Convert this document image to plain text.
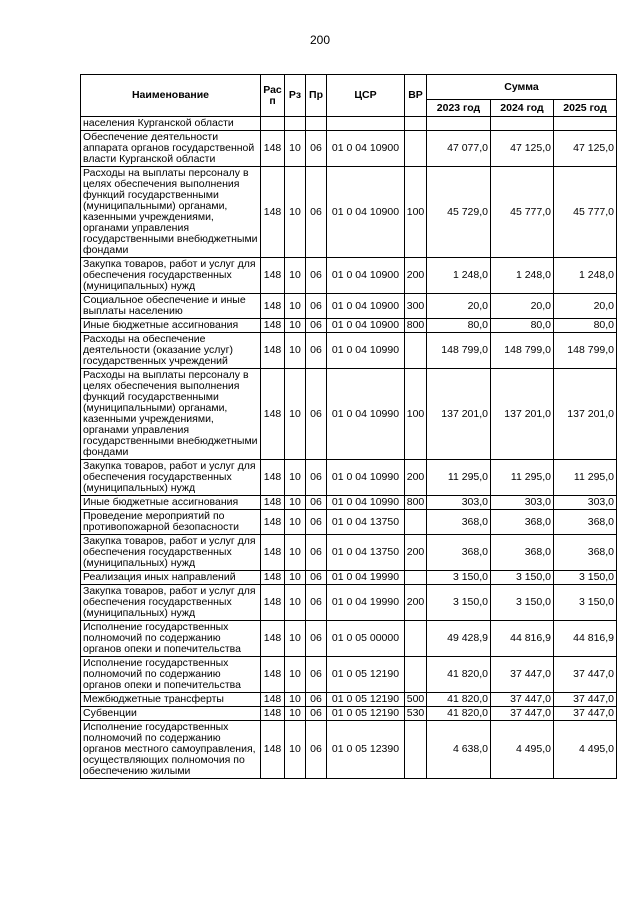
200
Наименование	Рас
п	Рз	Пр	ЦСР	ВР	Сумма		
						2023 год	2024 год	2025 год
населения Курганской области								
Обеспечение деятельности аппарата органов государственной власти Курганской области	148	10	06	01 0 04 10900		47 077,0	47 125,0	47 125,0
Расходы на выплаты персоналу в целях обеспечения выполнения функций государственными (муниципальными) органами, казенными учреждениями, органами управления государственными внебюджетными фондами	148	10	06	01 0 04 10900	100	45 729,0	45 777,0	45 777,0
Закупка товаров, работ и услуг для обеспечения государственных (муниципальных) нужд	148	10	06	01 0 04 10900	200	1 248,0	1 248,0	1 248,0
Социальное обеспечение и иные выплаты населению	148	10	06	01 0 04 10900	300	20,0	20,0	20,0
Иные бюджетные ассигнования	148	10	06	01 0 04 10900	800	80,0	80,0	80,0
Расходы на обеспечение деятельности (оказание услуг) государственных учреждений	148	10	06	01 0 04 10990		148 799,0	148 799,0	148 799,0
Расходы на выплаты персоналу в целях обеспечения выполнения функций государственными (муниципальными) органами, казенными учреждениями, органами управления государственными внебюджетными фондами	148	10	06	01 0 04 10990	100	137 201,0	137 201,0	137 201,0
Закупка товаров, работ и услуг для обеспечения государственных (муниципальных) нужд	148	10	06	01 0 04 10990	200	11 295,0	11 295,0	11 295,0
Иные бюджетные ассигнования	148	10	06	01 0 04 10990	800	303,0	303,0	303,0
Проведение мероприятий по противопожарной безопасности	148	10	06	01 0 04 13750		368,0	368,0	368,0
Закупка товаров, работ и услуг для обеспечения государственных (муниципальных) нужд	148	10	06	01 0 04 13750	200	368,0	368,0	368,0
Реализация иных направлений	148	10	06	01 0 04 19990		3 150,0	3 150,0	3 150,0
Закупка товаров, работ и услуг для обеспечения государственных (муниципальных) нужд	148	10	06	01 0 04 19990	200	3 150,0	3 150,0	3 150,0
Исполнение государственных полномочий по содержанию органов опеки и попечительства	148	10	06	01 0 05 00000		49 428,9	44 816,9	44 816,9
Исполнение государственных полномочий по содержанию органов опеки и попечительства	148	10	06	01 0 05 12190		41 820,0	37 447,0	37 447,0
Межбюджетные трансферты	148	10	06	01 0 05 12190	500	41 820,0	37 447,0	37 447,0
Субвенции	148	10	06	01 0 05 12190	530	41 820,0	37 447,0	37 447,0
Исполнение государственных полномочий по содержанию органов местного самоуправления, осуществляющих полномочия по обеспечению жилыми	148	10	06	01 0 05 12390		4 638,0	4 495,0	4 495,0
